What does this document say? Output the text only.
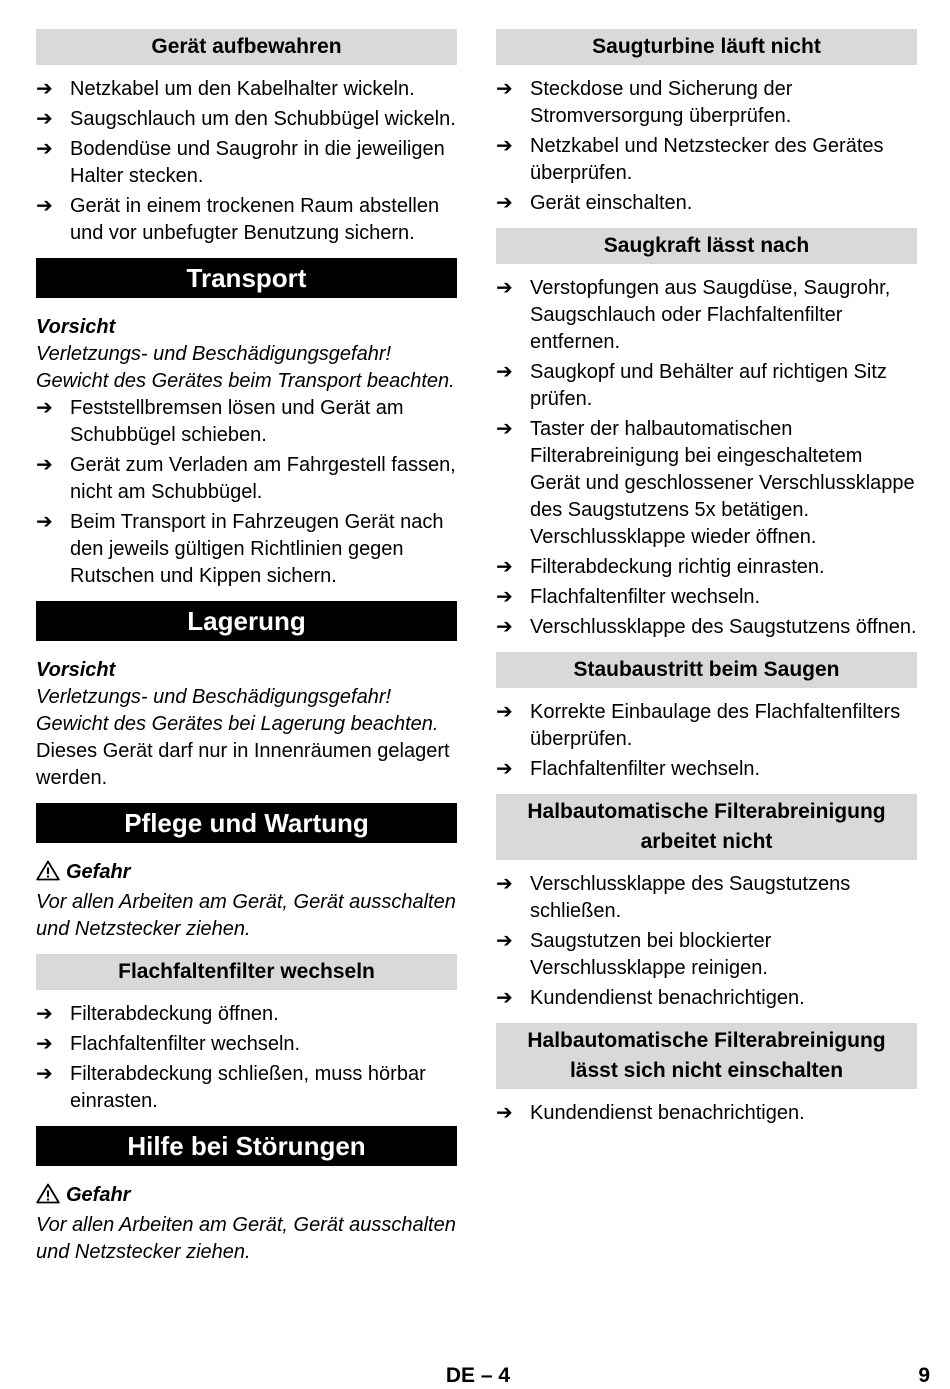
Gerät aufbewahren
➔ Netzkabel um den Kabelhalter wickeln.
➔ Saugschlauch um den Schubbügel wickeln.
➔ Bodendüse und Saugrohr in die jeweiligen Halter stecken.
➔ Gerät in einem trockenen Raum abstellen und vor unbefugter Benutzung sichern.
Transport
Vorsicht

Verletzungs- und Beschädigungsgefahr! Gewicht des Gerätes beim Transport beachten.

➔ Feststellbremsen lösen und Gerät am Schubbügel schieben.
➔ Gerät zum Verladen am Fahrgestell fassen, nicht am Schubbügel.
➔ Beim Transport in Fahrzeugen Gerät nach den jeweils gültigen Richtlinien gegen Rutschen und Kippen sichern.
Lagerung
Vorsicht

Verletzungs- und Beschädigungsgefahr! Gewicht des Gerätes bei Lagerung beachten.

Dieses Gerät darf nur in Innenräumen gelagert werden.

Pflege und Wartung
Gefahr

Vor allen Arbeiten am Gerät, Gerät ausschalten und Netzstecker ziehen.

Flachfaltenfilter wechseln
➔ Filterabdeckung öffnen.
➔ Flachfaltenfilter wechseln.
➔ Filterabdeckung schließen, muss hörbar einrasten.
Hilfe bei Störungen
Gefahr

Vor allen Arbeiten am Gerät, Gerät ausschalten und Netzstecker ziehen.

Saugturbine läuft nicht
➔ Steckdose und Sicherung der Stromversorgung überprüfen.
➔ Netzkabel und Netzstecker des Gerätes überprüfen.
➔ Gerät einschalten.
Saugkraft lässt nach
➔ Verstopfungen aus Saugdüse, Saugrohr, Saugschlauch oder Flachfaltenfilter entfernen.
➔ Saugkopf und Behälter auf richtigen Sitz prüfen.
➔ Taster der halbautomatischen Filterabreinigung bei eingeschaltetem Gerät und geschlossener Verschlussklappe des Saugstutzens 5x betätigen. Verschlussklappe wieder öffnen.
➔ Filterabdeckung richtig einrasten.
➔ Flachfaltenfilter wechseln.
➔ Verschlussklappe des Saugstutzens öffnen.
Staubaustritt beim Saugen
➔ Korrekte Einbaulage des Flachfaltenfilters überprüfen.
➔ Flachfaltenfilter wechseln.
Halbautomatische Filterabreinigung arbeitet nicht
➔ Verschlussklappe des Saugstutzens schließen.
➔ Saugstutzen bei blockierter Verschlussklappe reinigen.
➔ Kundendienst benachrichtigen.
Halbautomatische Filterabreinigung lässt sich nicht einschalten
➔ Kundendienst benachrichtigen.
DE – 4	9
